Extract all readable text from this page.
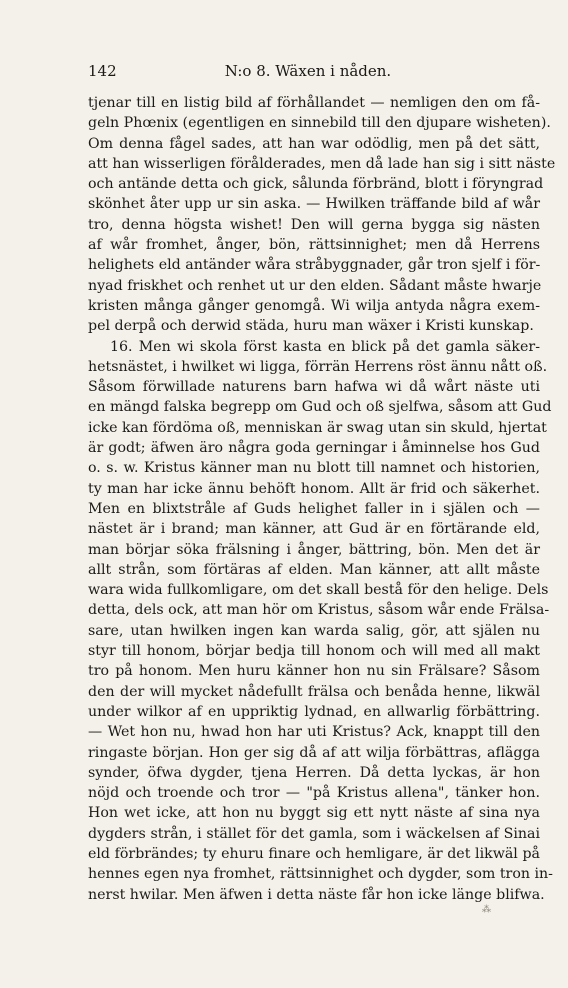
142	N:o 8. Wäxen i nåden.
tjenar till en listig bild af förhållandet — nemligen den om få-
geln Phœnix (egentligen en sinnebild till den djupare wisheten).
Om denna fågel sades, att han war odödlig, men på det sätt,
att han wisserligen förålderades, men då lade han sig i sitt näste
och antände detta och gick, sålunda förbränd, blott i föryngrad
skönhet åter upp ur sin aska. — Hwilken träffande bild af wår
tro, denna högsta wishet! Den will gerna bygga sig nästen
af wår fromhet, ånger, bön, rättsinnighet; men då Herrens
helighets eld antänder wåra stråbyggnader, går tron sjelf i för-
nyad friskhet och renhet ut ur den elden. Sådant måste hwarje
kristen många gånger genomgå. Wi wilja antyda några exem-
pel derpå och derwid städa, huru man wäxer i Kristi kunskap.
16. Men wi skola först kasta en blick på det gamla säker-
hetsnästet, i hwilket wi ligga, förrän Herrens röst ännu nått oß.
Såsom förwillade naturens barn hafwa wi då wårt näste uti
en mängd falska begrepp om Gud och oß sjelfwa, såsom att Gud
icke kan fördöma oß, menniskan är swag utan sin skuld, hjertat
är godt; äfwen äro några goda gerningar i åminnelse hos Gud
o. s. w. Kristus känner man nu blott till namnet och historien,
ty man har icke ännu behöft honom. Allt är frid och säkerhet.
Men en blixtstråle af Guds helighet faller in i själen och —
nästet är i brand; man känner, att Gud är en förtärande eld,
man börjar söka frälsning i ånger, bättring, bön. Men det är
allt strån, som förtäras af elden. Man känner, att allt måste
wara wida fullkomligare, om det skall bestå för den helige. Dels
detta, dels ock, att man hör om Kristus, såsom wår ende Frälsa-
sare, utan hwilken ingen kan warda salig, gör, att själen nu
styr till honom, börjar bedja till honom och will med all makt
tro på honom. Men huru känner hon nu sin Frälsare? Såsom
den der will mycket nådefullt frälsa och benåda henne, likwäl
under wilkor af en uppriktig lydnad, en allwarlig förbättring.
— Wet hon nu, hwad hon har uti Kristus? Ack, knappt till den
ringaste början. Hon ger sig då af att wilja förbättras, aflägga
synder, öfwa dygder, tjena Herren. Då detta lyckas, är hon
nöjd och troende och tror — "på Kristus allena", tänker hon.
Hon wet icke, att hon nu byggt sig ett nytt näste af sina nya
dygders strån, i stället för det gamla, som i wäckelsen af Sinai
eld förbrändes; ty ehuru finare och hemligare, är det likwäl på
hennes egen nya fromhet, rättsinnighet och dygder, som tron in-
nerst hwilar. Men äfwen i detta näste får hon icke länge blifwa.
⁂
